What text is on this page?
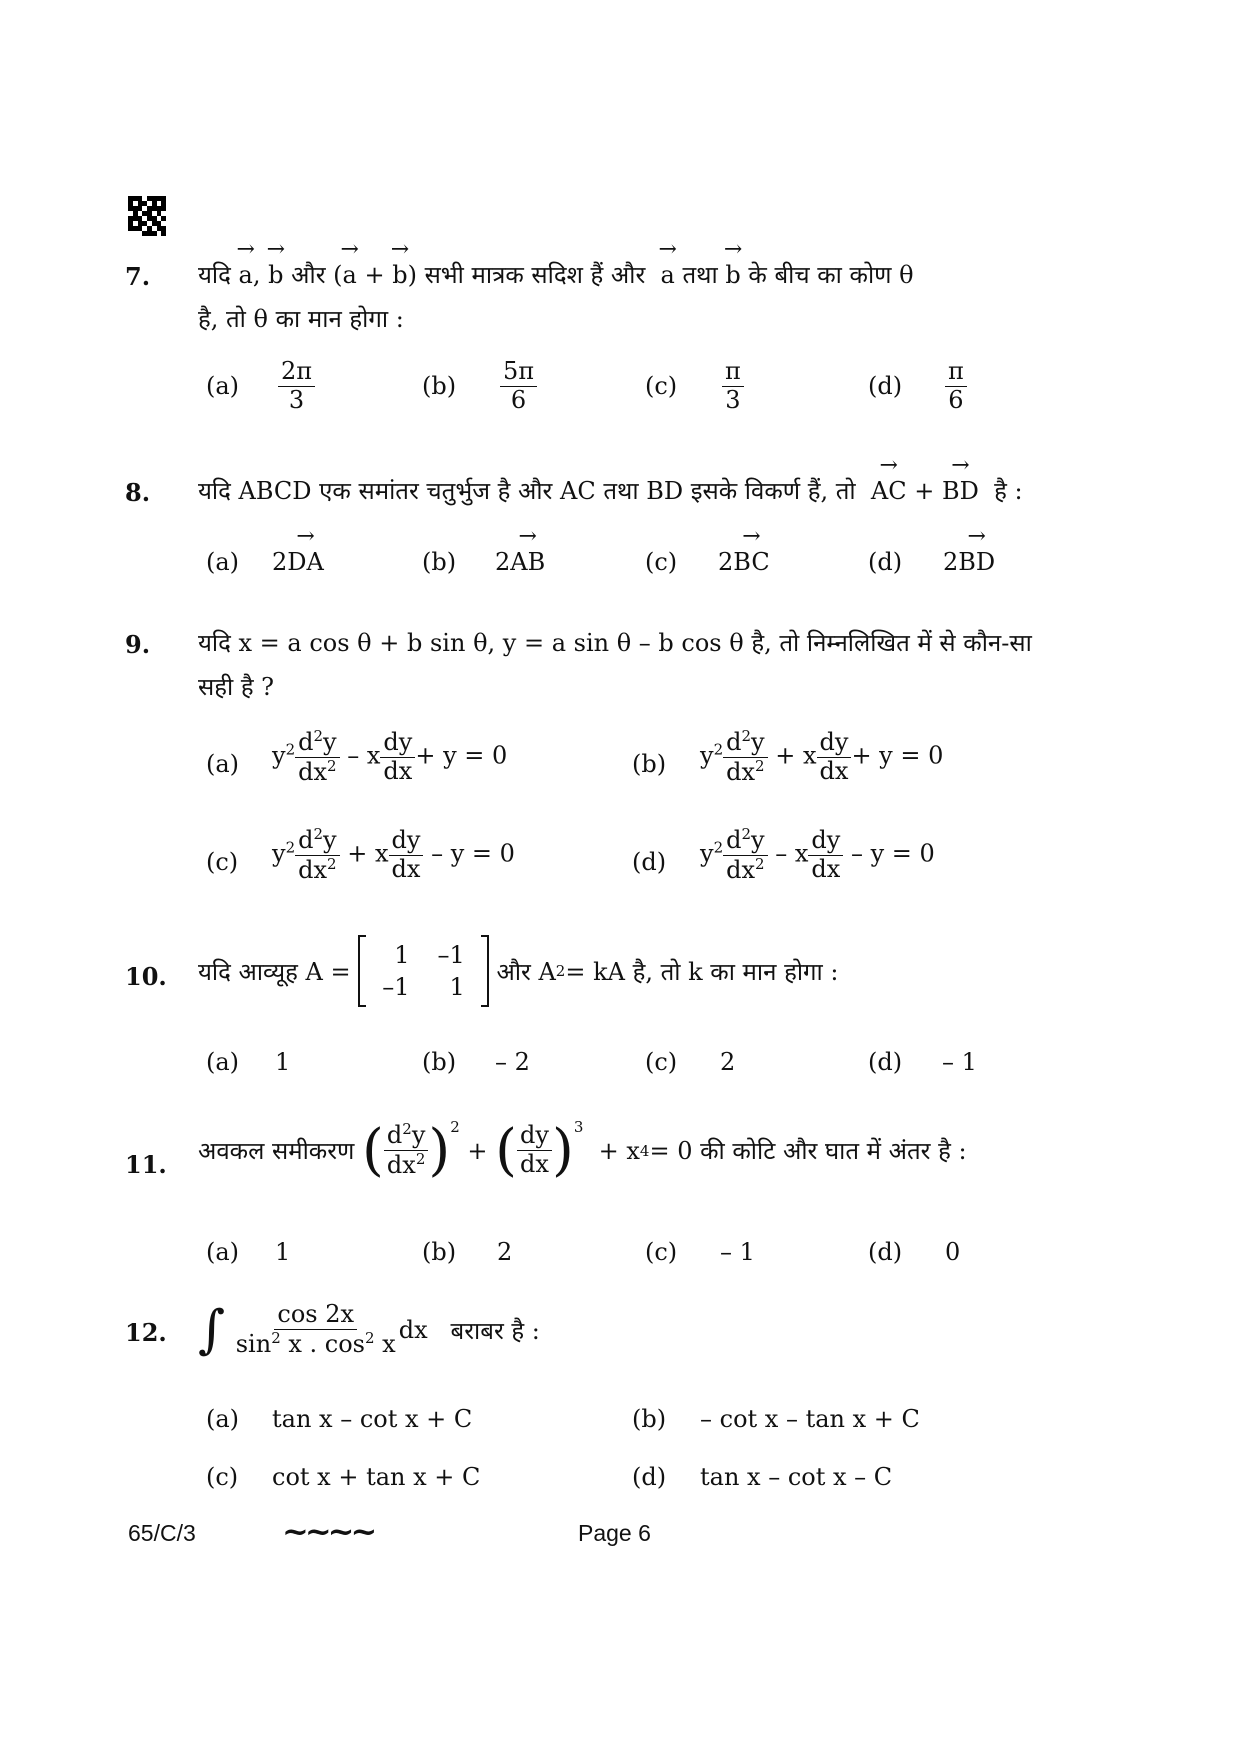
7. यदि → a, → b और (→ a + → b) सभी मात्रक सदिश हैं और → a तथा → b के बीच का कोण θ
है, तो θ का मान होगा :
$(a) \frac{2\pi}{3}$	$(b) \frac{5\pi}{6}$	$(c) \frac{\pi}{3}$	$(d) \frac{\pi}{6}$
8. यदि ABCD एक समांतर चतुर्भुज है और AC तथा BD इसके विकर्ण हैं, तो → AC + → BD है :
(a) 2→ DA	(b) 2→ AB	(c) 2→ BC	(d) 2→ BD
9. यदि x = a cos θ + b sin θ, y = a sin θ – b cos θ है, तो निम्नलिखित में से कौन-सा
सही है ?
(a) $y^2 \frac{d^2y}{dx^2} - x \frac{dy}{dx} + y = 0$	(b) $y^2 \frac{d^2y}{dx^2} + x \frac{dy}{dx} + y = 0$
(c) $y^2 \frac{d^2y}{dx^2} + x \frac{dy}{dx} - y = 0$	(d) $y^2 \frac{d^2y}{dx^2} - x \frac{dy}{dx} - y = 0$
10. यदि आव्यूह A =

1	–1
–1	1

और A 2 = kA है, तो k का मान होगा :
(a) 1	(b) – 2	(c) 2	(d) – 1
11. अवकल समीकरण
( $\frac{d^2y}{dx^2} )^2$
+ ( $\frac{dy}{dx} )^3$

+ x 4 = 0 की कोटि और घात में अंतर है :
(a) 1	(b) 2	(c) – 1	(d) 0
12. ∫
$\frac{\cos 2x}{\sin^2 x . \cos^2 x}$ dx
बराबर है :
(a) tan x – cot x + C	(b) – cot x – tan x + C
(c) cot x + tan x + C	(d) tan x – cot x – C
65/C/3	~~~~	Page 6
